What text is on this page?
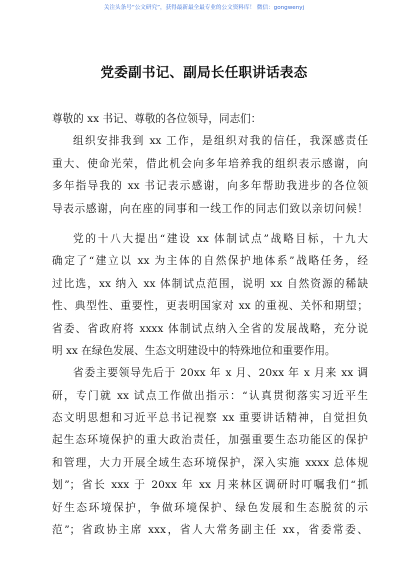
关注头条号“公文研究”，获得最新最全最专业的公文资料库！ 微信：gongwenyj
党委副书记、副局长任职讲话表态
尊敬的 xx 书记、尊敬的各位领导，同志们：
组织安排我到 xx 工作，是组织对我的信任，我深感责任
重大、使命光荣，借此机会向多年培养我的组织表示感谢，向
多年指导我的 xx 书记表示感谢，向多年帮助我进步的各位领
导表示感谢，向在座的同事和一线工作的同志们致以亲切问候！
党的十八大提出“建设 xx 体制试点”战略目标，十九大
确定了“建立以 xx 为主体的自然保护地体系”战略任务，经
过比选，xx 纳入 xx 体制试点范围，说明 xx 自然资源的稀缺
性、典型性、重要性，更表明国家对 xx 的重视、关怀和期望；
省委、省政府将 xxxx 体制试点纳入全省的发展战略，充分说
明 xx 在绿色发展、生态文明建设中的特殊地位和重要作用。
省委主要领导先后于 20xx 年 x 月、20xx 年 x 月来 xx 调
研，专门就 xx 试点工作做出指示：“认真贯彻落实习近平生
态文明思想和习近平总书记视察 xx 重要讲话精神，自觉担负
起生态环境保护的重大政治责任，加强重要生态功能区的保护
和管理，大力开展全域生态环境保护，深入实施 xxxx 总体规
划”；省长 xxx 于 20xx 年 xx 月来林区调研时叮嘱我们“抓
好生态环境保护，争做环境保护、绿色发展和生态脱贫的示
范”；省政协主席 xxx，省人大常务副主任 xx，省委常委、
